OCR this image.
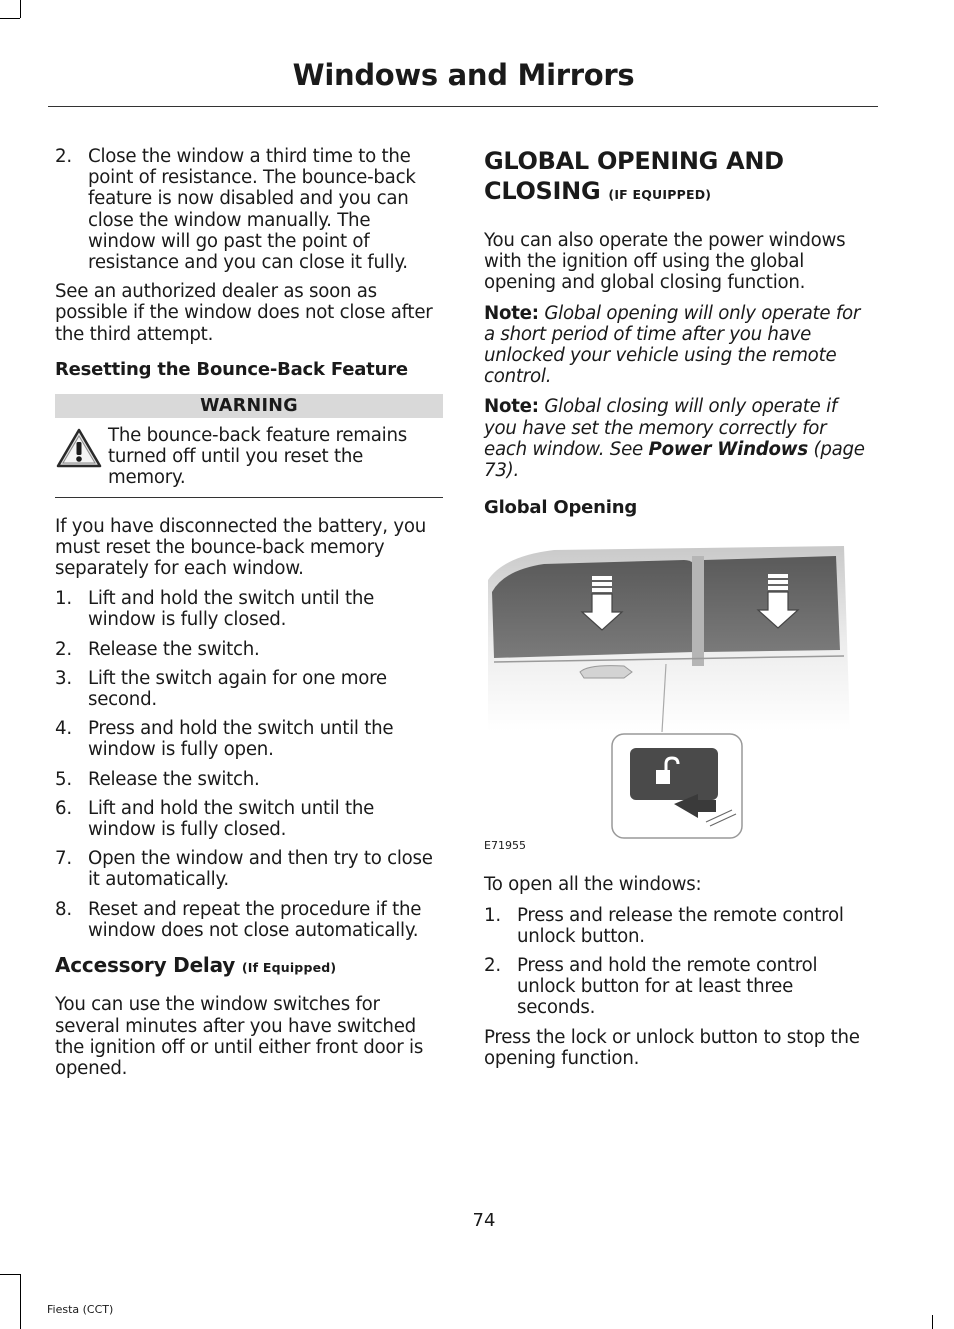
Windows and Mirrors
2. Close the window a third time to the point of resistance. The bounce-back feature is now disabled and you can close the window manually. The window will go past the point of resistance and you can close it fully.

See an authorized dealer as soon as possible if the window does not close after the third attempt.

Resetting the Bounce-Back Feature
WARNING
The bounce-back feature remains turned off until you reset the memory.

If you have disconnected the battery, you must reset the bounce-back memory separately for each window.

1. Lift and hold the switch until the window is fully closed.
2. Release the switch.
3. Lift the switch again for one more second.
4. Press and hold the switch until the window is fully open.
5. Release the switch.
6. Lift and hold the switch until the window is fully closed.
7. Open the window and then try to close it automatically.
8. Reset and repeat the procedure if the window does not close automatically.
Accessory Delay (If Equipped)

You can use the window switches for several minutes after you have switched the ignition off or until either front door is opened.

GLOBAL OPENING AND CLOSING (IF EQUIPPED)

You can also operate the power windows with the ignition off using the global opening and global closing function.

Note: Global opening will only operate for a short period of time after you have unlocked your vehicle using the remote control.

Note: Global closing will only operate if you have set the memory correctly for each window. See Power Windows (page 73).

Global Opening
E71955

To open all the windows:

1. Press and release the remote control unlock button.
2. Press and hold the remote control unlock button for at least three seconds.

Press the lock or unlock button to stop the opening function.

74
Fiesta (CCT)
